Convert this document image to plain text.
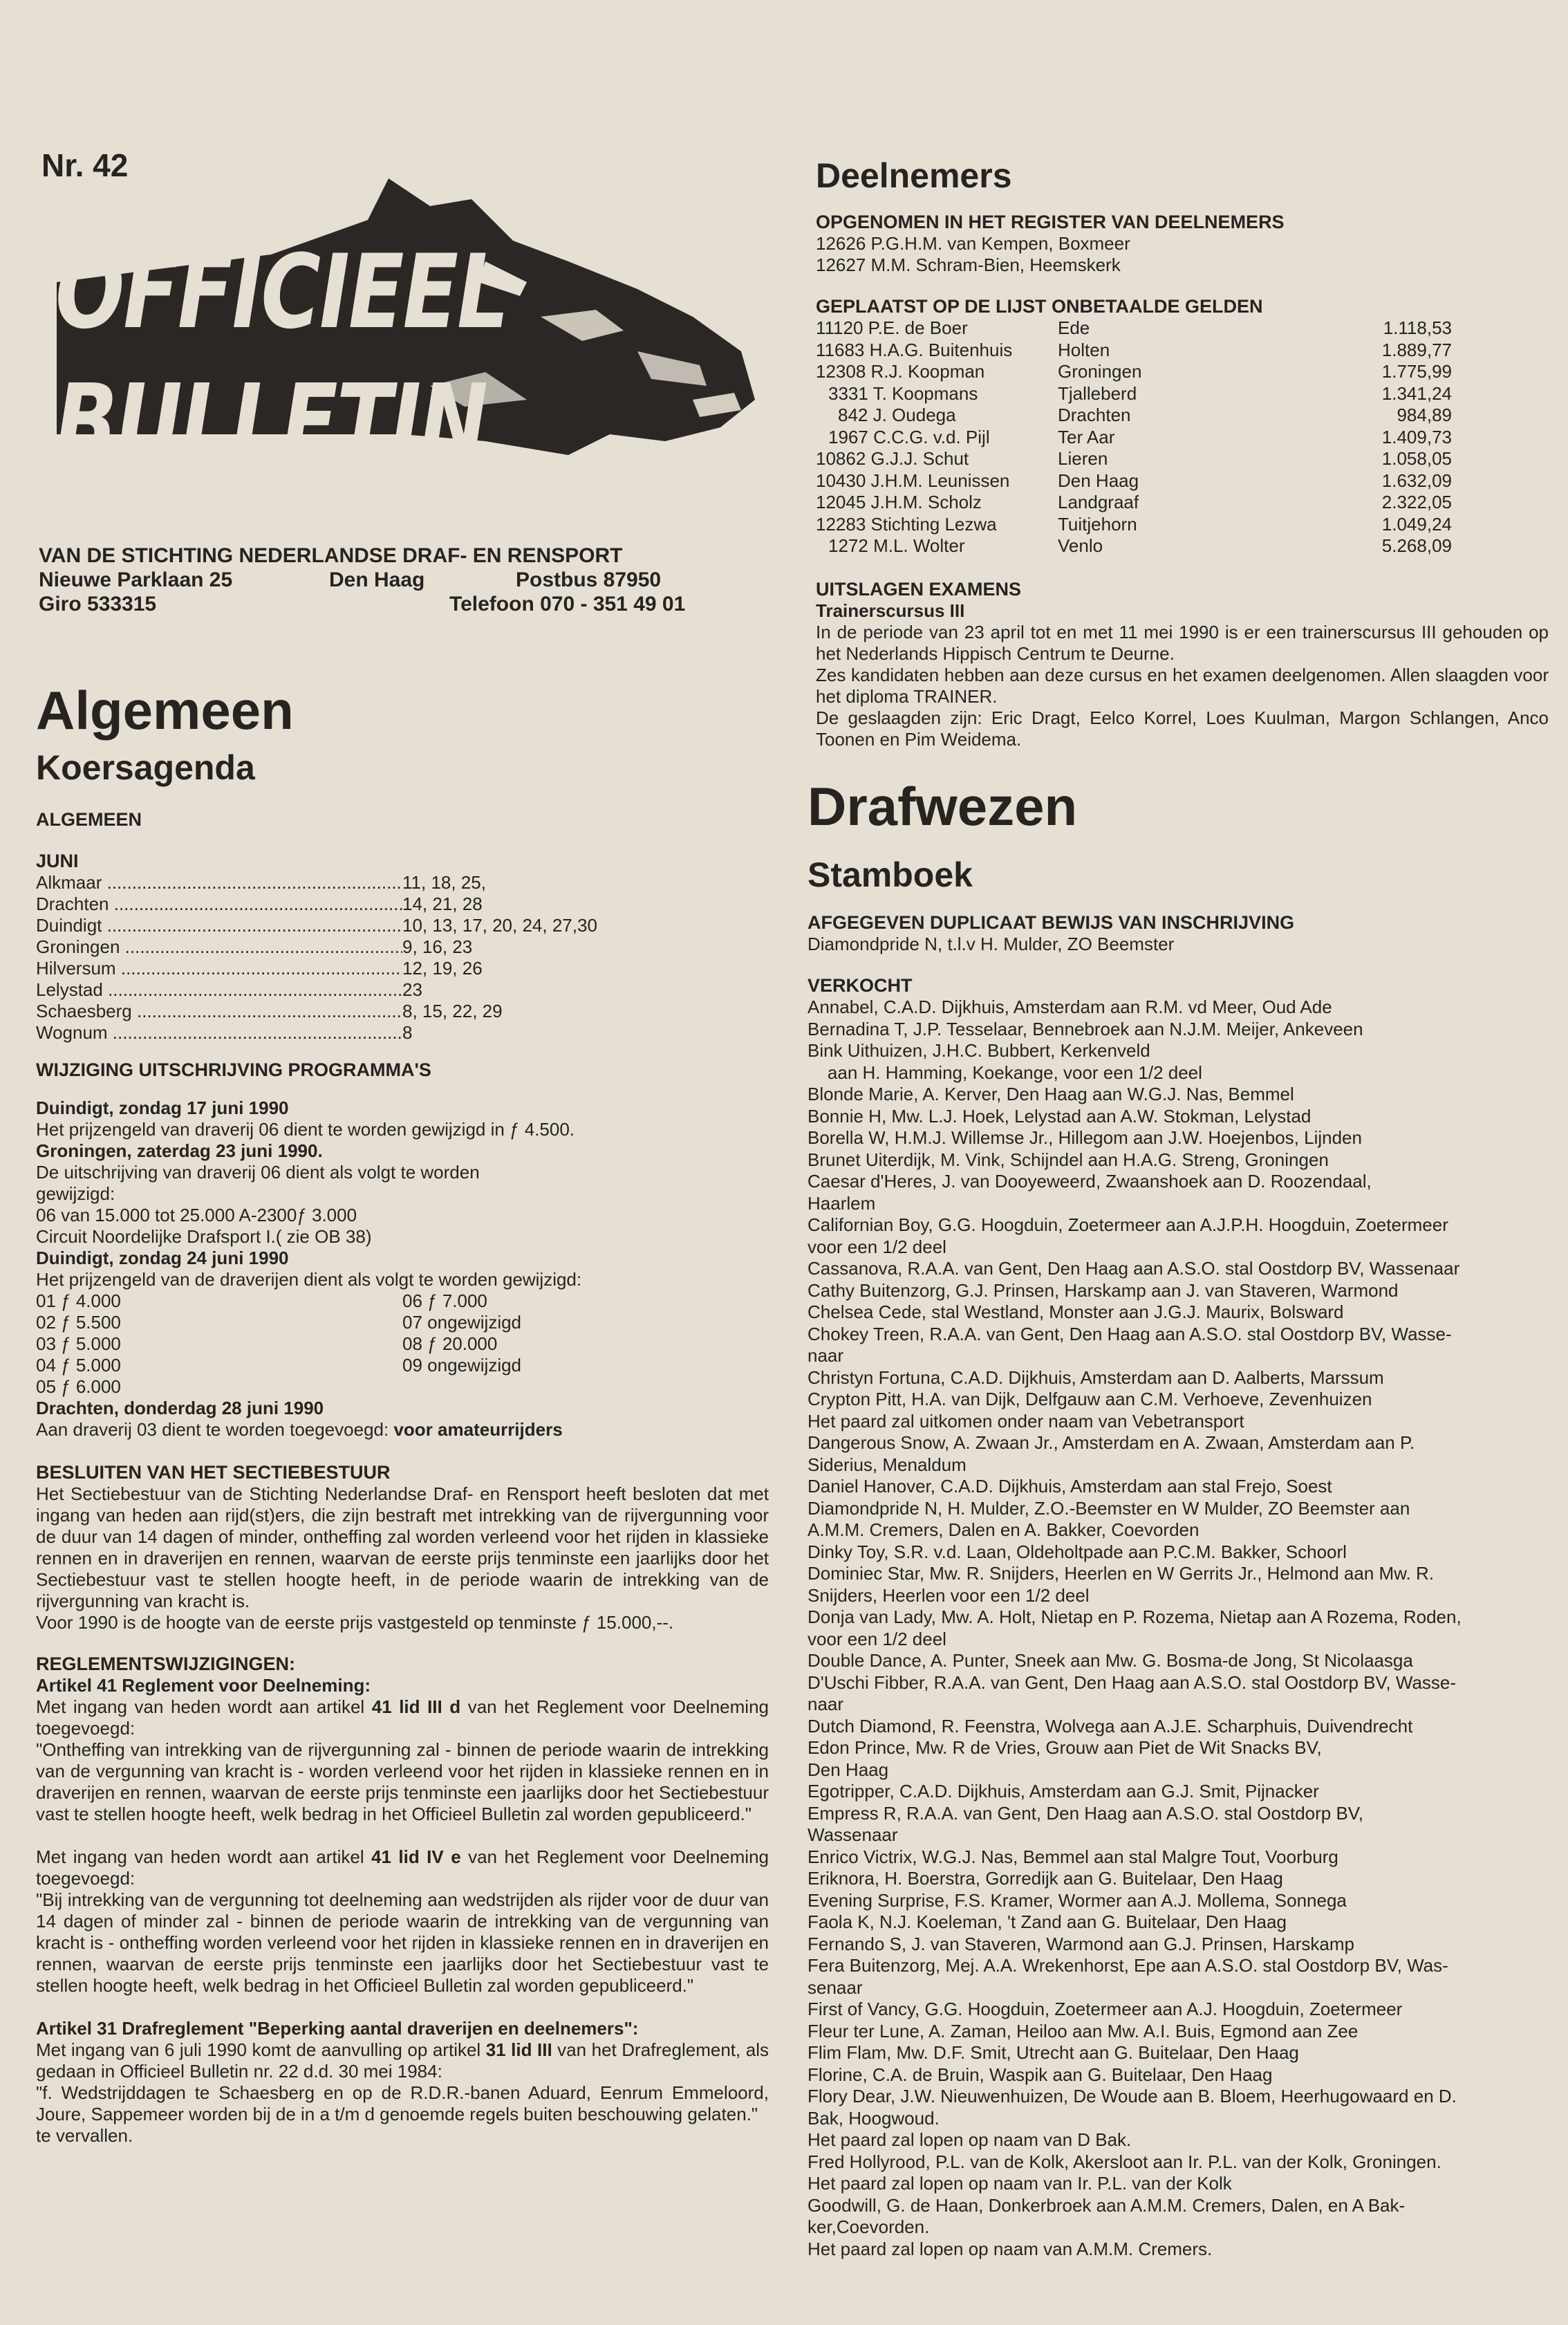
Nr. 42
OFFICIEEL
BULLETIN
VAN DE STICHTING NEDERLANDSE DRAF- EN RENSPORT
Nieuwe Parklaan 25	Den Haag	Postbus 87950
Giro 533315	Telefoon 070 - 351 49 01
Algemeen
Koersagenda
ALGEMEEN
JUNI
Alkmaar .....	11, 18, 25,
Drachten .....	14, 21, 28
Duindigt .....	10, 13, 17, 20, 24, 27,30
Groningen .....	9, 16, 23
Hilversum .....	12, 19, 26
Lelystad .....	23
Schaesberg .....	8, 15, 22, 29
Wognum .....	8
WIJZIGING UITSCHRIJVING PROGRAMMA'S

Duindigt, zondag 17 juni 1990

Het prijzengeld van draverij 06 dient te worden gewijzigd in ƒ 4.500.

Groningen, zaterdag 23 juni 1990.

De uitschrijving van draverij 06 dient als volgt te worden

gewijzigd:

06 van 15.000 tot 25.000 A-2300ƒ 3.000

Circuit Noordelijke Drafsport I.( zie OB 38)

Duindigt, zondag 24 juni 1990

Het prijzengeld van de draverijen dient als volgt te worden gewijzigd:

01 ƒ 4.000	06 ƒ 7.000
02 ƒ 5.500	07 ongewijzigd
03 ƒ 5.000	08 ƒ 20.000
04 ƒ 5.000	09 ongewijzigd
05 ƒ 6.000

Drachten, donderdag 28 juni 1990

Aan draverij 03 dient te worden toegevoegd: voor amateurrijders

BESLUITEN VAN HET SECTIEBESTUUR

Het Sectiebestuur van de Stichting Nederlandse Draf- en Rensport heeft besloten dat met ingang van heden aan rijd(st)ers, die zijn bestraft met intrekking van de rijvergunning voor de duur van 14 dagen of minder, ontheffing zal worden verleend voor het rijden in klassieke rennen en in draverijen en rennen, waarvan de eerste prijs tenminste een jaarlijks door het Sectiebestuur vast te stellen hoogte heeft, in de periode waarin de intrekking van de rijvergunning van kracht is.

Voor 1990 is de hoogte van de eerste prijs vastgesteld op tenminste ƒ 15.000,--.

REGLEMENTSWIJZIGINGEN:

Artikel 41 Reglement voor Deelneming:

Met ingang van heden wordt aan artikel 41 lid III d van het Reglement voor Deelneming toegevoegd:

"Ontheffing van intrekking van de rijvergunning zal - binnen de periode waarin de intrekking van de vergunning van kracht is - worden verleend voor het rijden in klassieke rennen en in draverijen en rennen, waarvan de eerste prijs tenminste een jaarlijks door het Sectiebestuur vast te stellen hoogte heeft, welk bedrag in het Officieel Bulletin zal worden gepubliceerd."

Met ingang van heden wordt aan artikel 41 lid IV e van het Reglement voor Deelneming toegevoegd:

"Bij intrekking van de vergunning tot deelneming aan wedstrijden als rijder voor de duur van 14 dagen of minder zal - binnen de periode waarin de intrekking van de vergunning van kracht is - ontheffing worden verleend voor het rijden in klassieke rennen en in draverijen en rennen, waarvan de eerste prijs tenminste een jaarlijks door het Sectiebestuur vast te stellen hoogte heeft, welk bedrag in het Officieel Bulletin zal worden gepubliceerd."

Artikel 31 Drafreglement "Beperking aantal draverijen en deelnemers":

Met ingang van 6 juli 1990 komt de aanvulling op artikel 31 lid III van het Drafreglement, als gedaan in Officieel Bulletin nr. 22 d.d. 30 mei 1984:

"f. Wedstrijddagen te Schaesberg en op de R.D.R.-banen Aduard, Eenrum Emmeloord, Joure, Sappemeer worden bij de in a t/m d genoemde regels buiten beschouwing gelaten."

te vervallen.

Deelnemers
OPGENOMEN IN HET REGISTER VAN DEELNEMERS

12626 P.G.H.M. van Kempen, Boxmeer

12627 M.M. Schram-Bien, Heemskerk

GEPLAATST OP DE LIJST ONBETAALDE GELDEN
11120 P.E. de Boer	Ede	1.118,53
11683 H.A.G. Buitenhuis	Holten	1.889,77
12308 R.J. Koopman	Groningen	1.775,99
3331 T. Koopmans	Tjalleberd	1.341,24
842 J. Oudega	Drachten	984,89
1967 C.C.G. v.d. Pijl	Ter Aar	1.409,73
10862 G.J.J. Schut	Lieren	1.058,05
10430 J.H.M. Leunissen	Den Haag	1.632,09
12045 J.H.M. Scholz	Landgraaf	2.322,05
12283 Stichting Lezwa	Tuitjehorn	1.049,24
1272 M.L. Wolter	Venlo	5.268,09
UITSLAGEN EXAMENS

Trainerscursus III

In de periode van 23 april tot en met 11 mei 1990 is er een trainerscursus III gehouden op het Nederlands Hippisch Centrum te Deurne.

Zes kandidaten hebben aan deze cursus en het examen deelgenomen. Allen slaagden voor het diploma TRAINER.

De geslaagden zijn: Eric Dragt, Eelco Korrel, Loes Kuulman, Margon Schlangen, Anco Toonen en Pim Weidema.

Drafwezen
Stamboek
AFGEGEVEN DUPLICAAT BEWIJS VAN INSCHRIJVING

Diamondpride N, t.l.v H. Mulder, ZO Beemster

VERKOCHT
Annabel, C.A.D. Dijkhuis, Amsterdam aan R.M. vd Meer, Oud Ade
Bernadina T, J.P. Tesselaar, Bennebroek aan N.J.M. Meijer, Ankeveen
Bink Uithuizen, J.H.C. Bubbert, Kerkenveld
aan H. Hamming, Koekange, voor een 1/2 deel
Blonde Marie, A. Kerver, Den Haag aan W.G.J. Nas, Bemmel
Bonnie H, Mw. L.J. Hoek, Lelystad aan A.W. Stokman, Lelystad
Borella W, H.M.J. Willemse Jr., Hillegom aan J.W. Hoejenbos, Lijnden
Brunet Uiterdijk, M. Vink, Schijndel aan H.A.G. Streng, Groningen
Caesar d'Heres, J. van Dooyeweerd, Zwaanshoek aan D. Roozendaal,
Haarlem
Californian Boy, G.G. Hoogduin, Zoetermeer aan A.J.P.H. Hoogduin, Zoetermeer
voor een 1/2 deel
Cassanova, R.A.A. van Gent, Den Haag aan A.S.O. stal Oostdorp BV, Wassenaar
Cathy Buitenzorg, G.J. Prinsen, Harskamp aan J. van Staveren, Warmond
Chelsea Cede, stal Westland, Monster aan J.G.J. Maurix, Bolsward
Chokey Treen, R.A.A. van Gent, Den Haag aan A.S.O. stal Oostdorp BV, Wasse-
naar
Christyn Fortuna, C.A.D. Dijkhuis, Amsterdam aan D. Aalberts, Marssum
Crypton Pitt, H.A. van Dijk, Delfgauw aan C.M. Verhoeve, Zevenhuizen
Het paard zal uitkomen onder naam van Vebetransport
Dangerous Snow, A. Zwaan Jr., Amsterdam en A. Zwaan, Amsterdam aan P.
Siderius, Menaldum
Daniel Hanover, C.A.D. Dijkhuis, Amsterdam aan stal Frejo, Soest
Diamondpride N, H. Mulder, Z.O.-Beemster en W Mulder, ZO Beemster aan
A.M.M. Cremers, Dalen en A. Bakker, Coevorden
Dinky Toy, S.R. v.d. Laan, Oldeholtpade aan P.C.M. Bakker, Schoorl
Dominiec Star, Mw. R. Snijders, Heerlen en W Gerrits Jr., Helmond aan Mw. R.
Snijders, Heerlen voor een 1/2 deel
Donja van Lady, Mw. A. Holt, Nietap en P. Rozema, Nietap aan A Rozema, Roden,
voor een 1/2 deel
Double Dance, A. Punter, Sneek aan Mw. G. Bosma-de Jong, St Nicolaasga
D'Uschi Fibber, R.A.A. van Gent, Den Haag aan A.S.O. stal Oostdorp BV, Wasse-
naar
Dutch Diamond, R. Feenstra, Wolvega aan A.J.E. Scharphuis, Duivendrecht
Edon Prince, Mw. R de Vries, Grouw aan Piet de Wit Snacks BV,
Den Haag
Egotripper, C.A.D. Dijkhuis, Amsterdam aan G.J. Smit, Pijnacker
Empress R, R.A.A. van Gent, Den Haag aan A.S.O. stal Oostdorp BV,
Wassenaar
Enrico Victrix, W.G.J. Nas, Bemmel aan stal Malgre Tout, Voorburg
Eriknora, H. Boerstra, Gorredijk aan G. Buitelaar, Den Haag
Evening Surprise, F.S. Kramer, Wormer aan A.J. Mollema, Sonnega
Faola K, N.J. Koeleman, 't Zand aan G. Buitelaar, Den Haag
Fernando S, J. van Staveren, Warmond aan G.J. Prinsen, Harskamp
Fera Buitenzorg, Mej. A.A. Wrekenhorst, Epe aan A.S.O. stal Oostdorp BV, Was-
senaar
First of Vancy, G.G. Hoogduin, Zoetermeer aan A.J. Hoogduin, Zoetermeer
Fleur ter Lune, A. Zaman, Heiloo aan Mw. A.I. Buis, Egmond aan Zee
Flim Flam, Mw. D.F. Smit, Utrecht aan G. Buitelaar, Den Haag
Florine, C.A. de Bruin, Waspik aan G. Buitelaar, Den Haag
Flory Dear, J.W. Nieuwenhuizen, De Woude aan B. Bloem, Heerhugowaard en D.
Bak, Hoogwoud.
Het paard zal lopen op naam van D Bak.
Fred Hollyrood, P.L. van de Kolk, Akersloot aan Ir. P.L. van der Kolk, Groningen.
Het paard zal lopen op naam van Ir. P.L. van der Kolk
Goodwill, G. de Haan, Donkerbroek aan A.M.M. Cremers, Dalen, en A Bak-
ker,Coevorden.
Het paard zal lopen op naam van A.M.M. Cremers.
